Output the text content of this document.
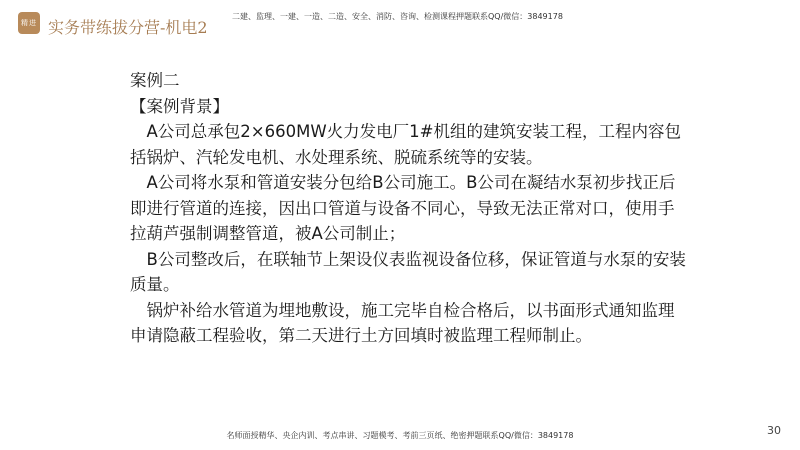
精进 实务带练拔分营-机电2
二建、监理、一建、一造、二造、安全、消防、咨询、检测课程押题联系QQ/微信：3849178

案例二

【案例背景】

A公司总承包2×660MW火力发电厂1#机组的建筑安装工程，工程内容包括锅炉、汽轮发电机、水处理系统、脱硫系统等的安装。

A公司将水泵和管道安装分包给B公司施工。B公司在凝结水泵初步找正后即进行管道的连接，因出口管道与设备不同心，导致无法正常对口，使用手拉葫芦强制调整管道，被A公司制止；

B公司整改后，在联轴节上架设仪表监视设备位移，保证管道与水泵的安装质量。

锅炉补给水管道为埋地敷设，施工完毕自检合格后，以书面形式通知监理申请隐蔽工程验收，第二天进行土方回填时被监理工程师制止。

名师面授精华、央企内训、考点串讲、习题模考、考前三页纸、绝密押题联系QQ/微信：3849178	30
